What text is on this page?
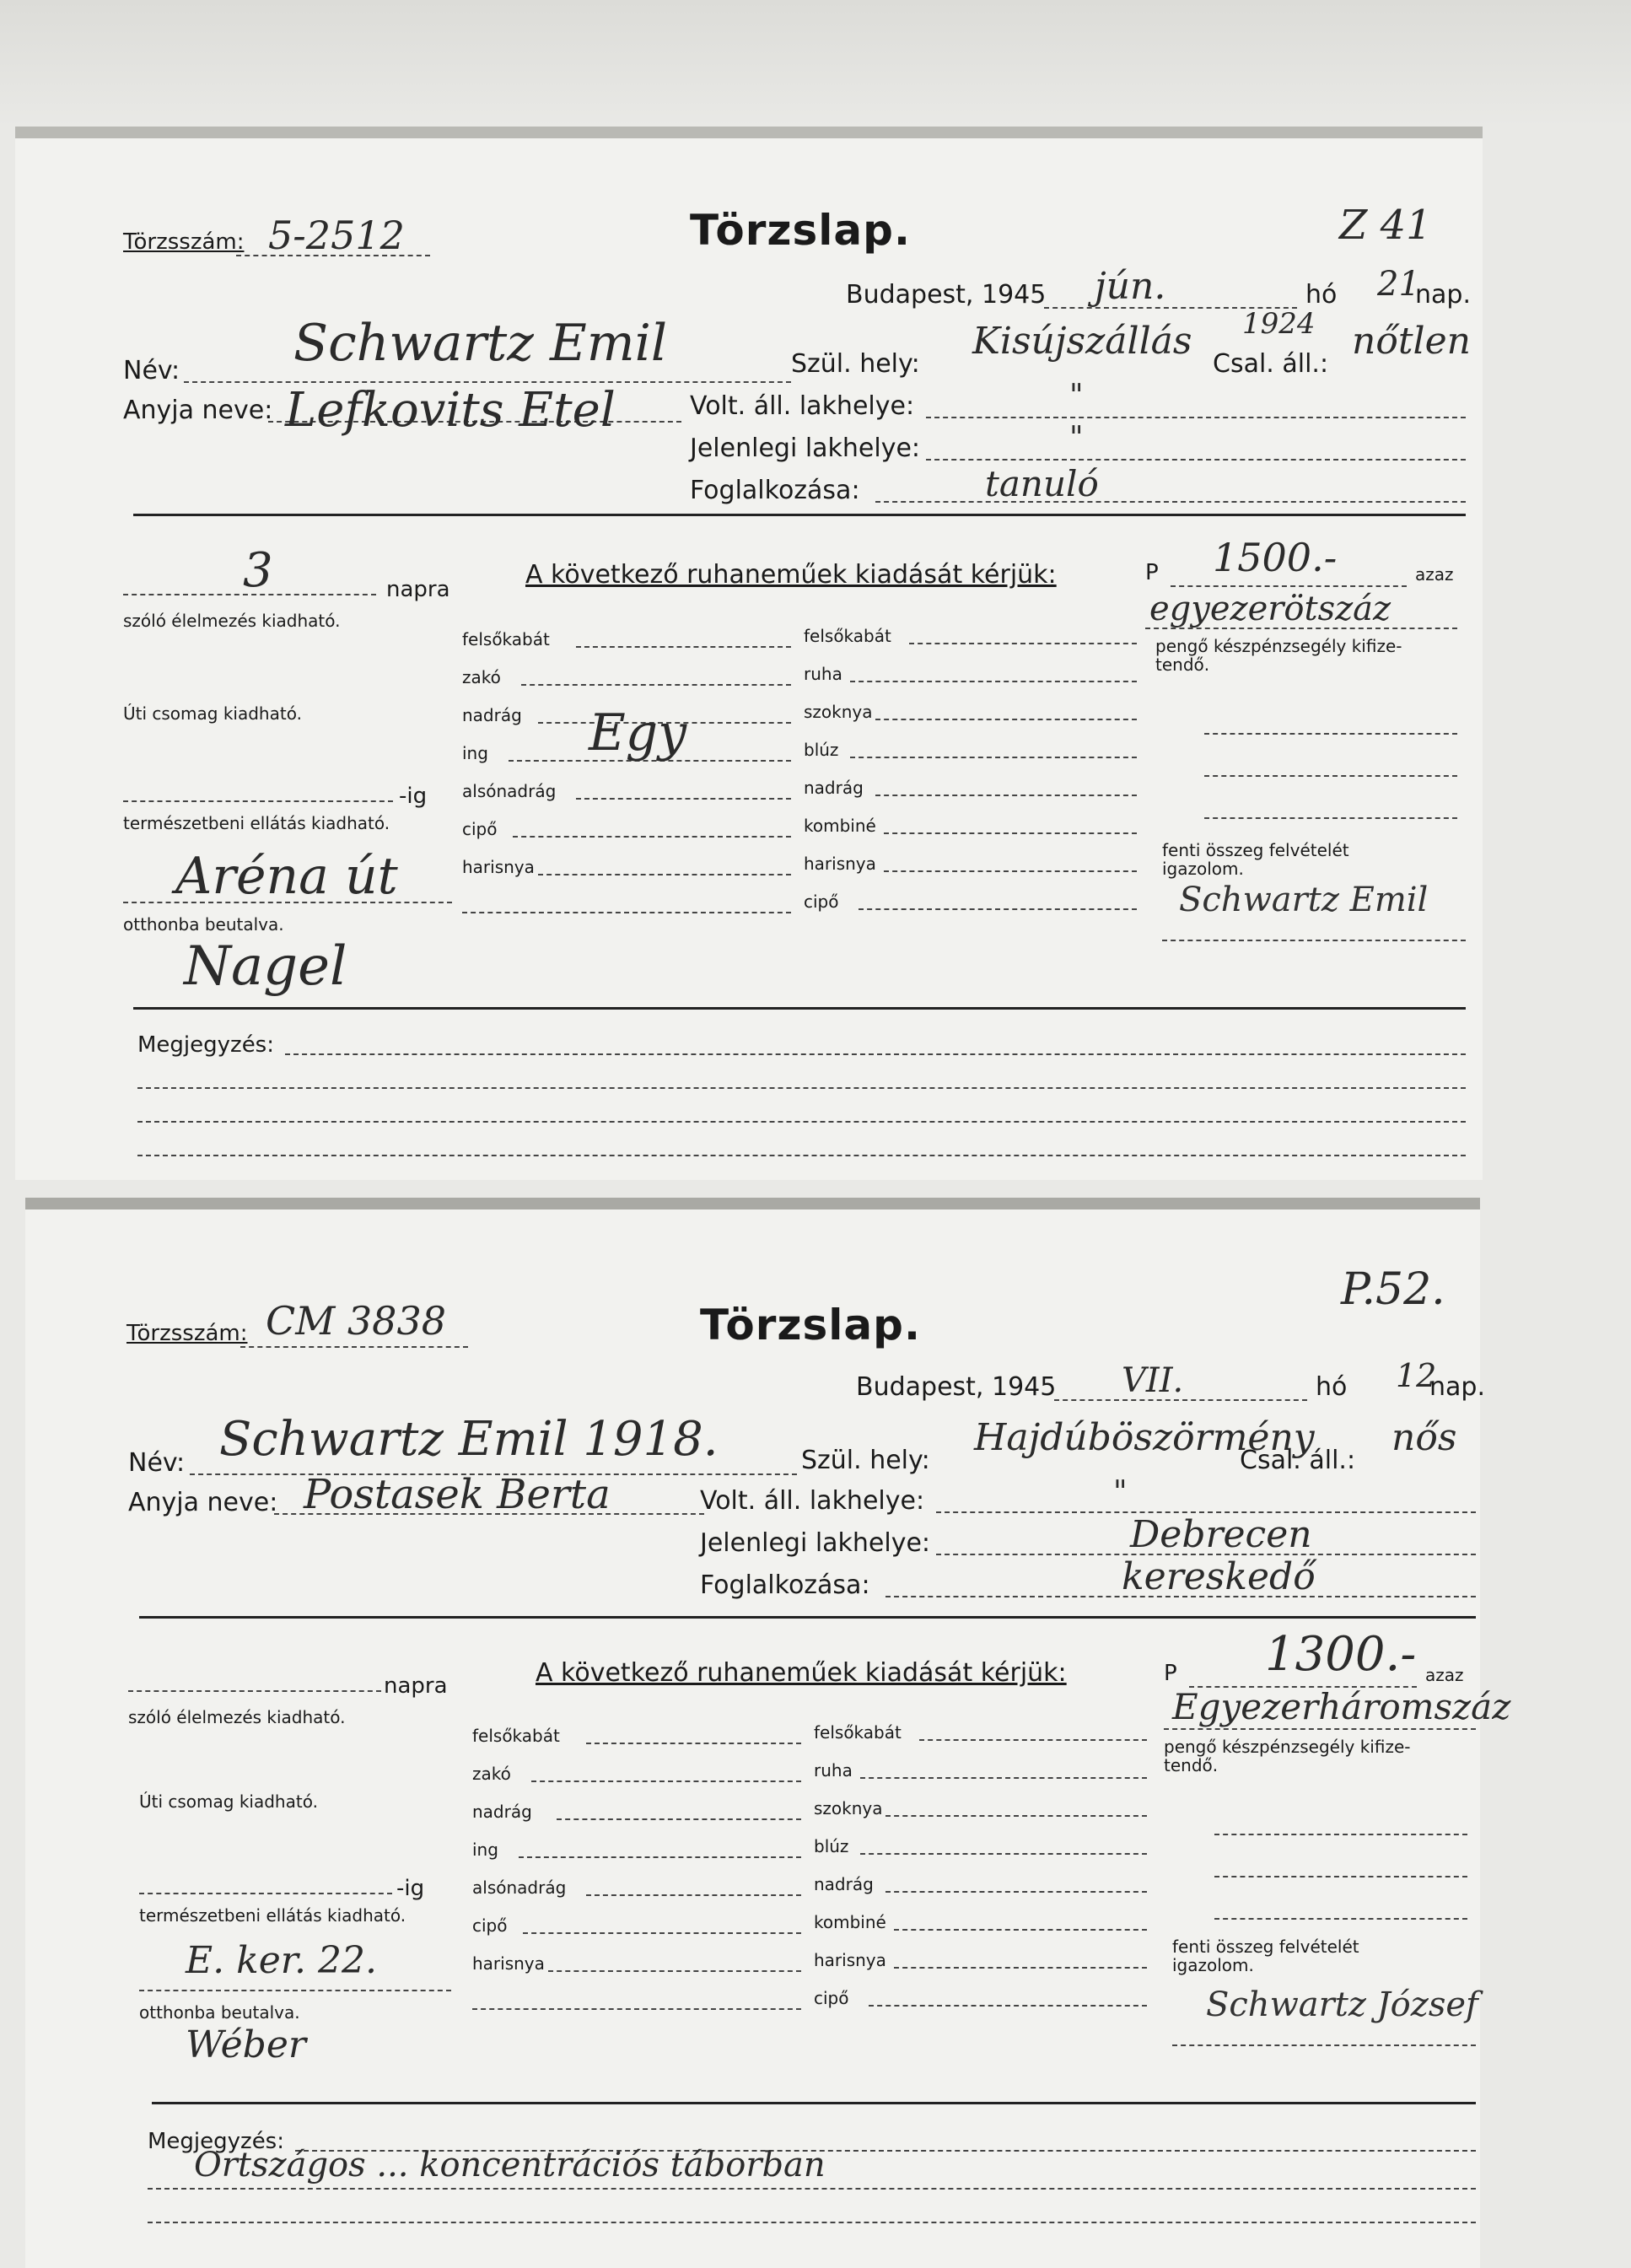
Törzsszám: 5-2512	Törzslap.	Z 41
Budapest, 1945 jún.	hó 21
nap.
Név: Schwartz Emil	Szül. hely:
Kisújszállás 1924
Csal. áll.:
nőtlen
Anyja neve: Lefkovits Etel	Volt. áll. lakhelye:	"
Jelenlegi lakhelye:	"
Foglalkozása:	tanuló
3	napra
szóló élelmezés kiadható.
A következő ruhaneműek kiadását kérjük:	P 1500.-	azaz
egyezerötszáz
pengő készpénzsegély kifize-
tendő.
felsőkabát
zakó
nadrág
ing Egy
alsónadrág
cipő
harisnya
felsőkabát
ruha
szoknya
blúz
nadrág
kombiné
harisnya
cipő
Úti csomag kiadható.
-ig
természetbeni ellátás kiadható.
Aréna út
otthonba beutalva.
Nagel
fenti összeg felvételét
igazolom.
Schwartz Emil
Megjegyzés:
Törzsszám: CM 3838	Törzslap.
P.52.
Budapest, 1945 VII.	hó 12
nap.
Név: Schwartz Emil 1918.	Szül. hely:
Hajdúböszörmény
Csal. áll.:
nős
Anyja neve: Postasek Berta	Volt. áll. lakhelye:	"
Jelenlegi lakhelye:	Debrecen
Foglalkozása:	kereskedő
napra
szóló élelmezés kiadható.
A következő ruhaneműek kiadását kérjük:	P 1300.- azaz
Egyezerháromszáz
pengő készpénzsegély kifize-
tendő.
felsőkabát
zakó
nadrág
ing
alsónadrág
cipő
harisnya
felsőkabát
ruha
szoknya
blúz
nadrág
kombiné
harisnya
cipő
Úti csomag kiadható.
-ig
természetbeni ellátás kiadható.
E. ker. 22.
otthonba beutalva.
Wéber
fenti összeg felvételét
igazolom.
Schwartz József
Megjegyzés:
Ortszágos ... koncentrációs táborban
